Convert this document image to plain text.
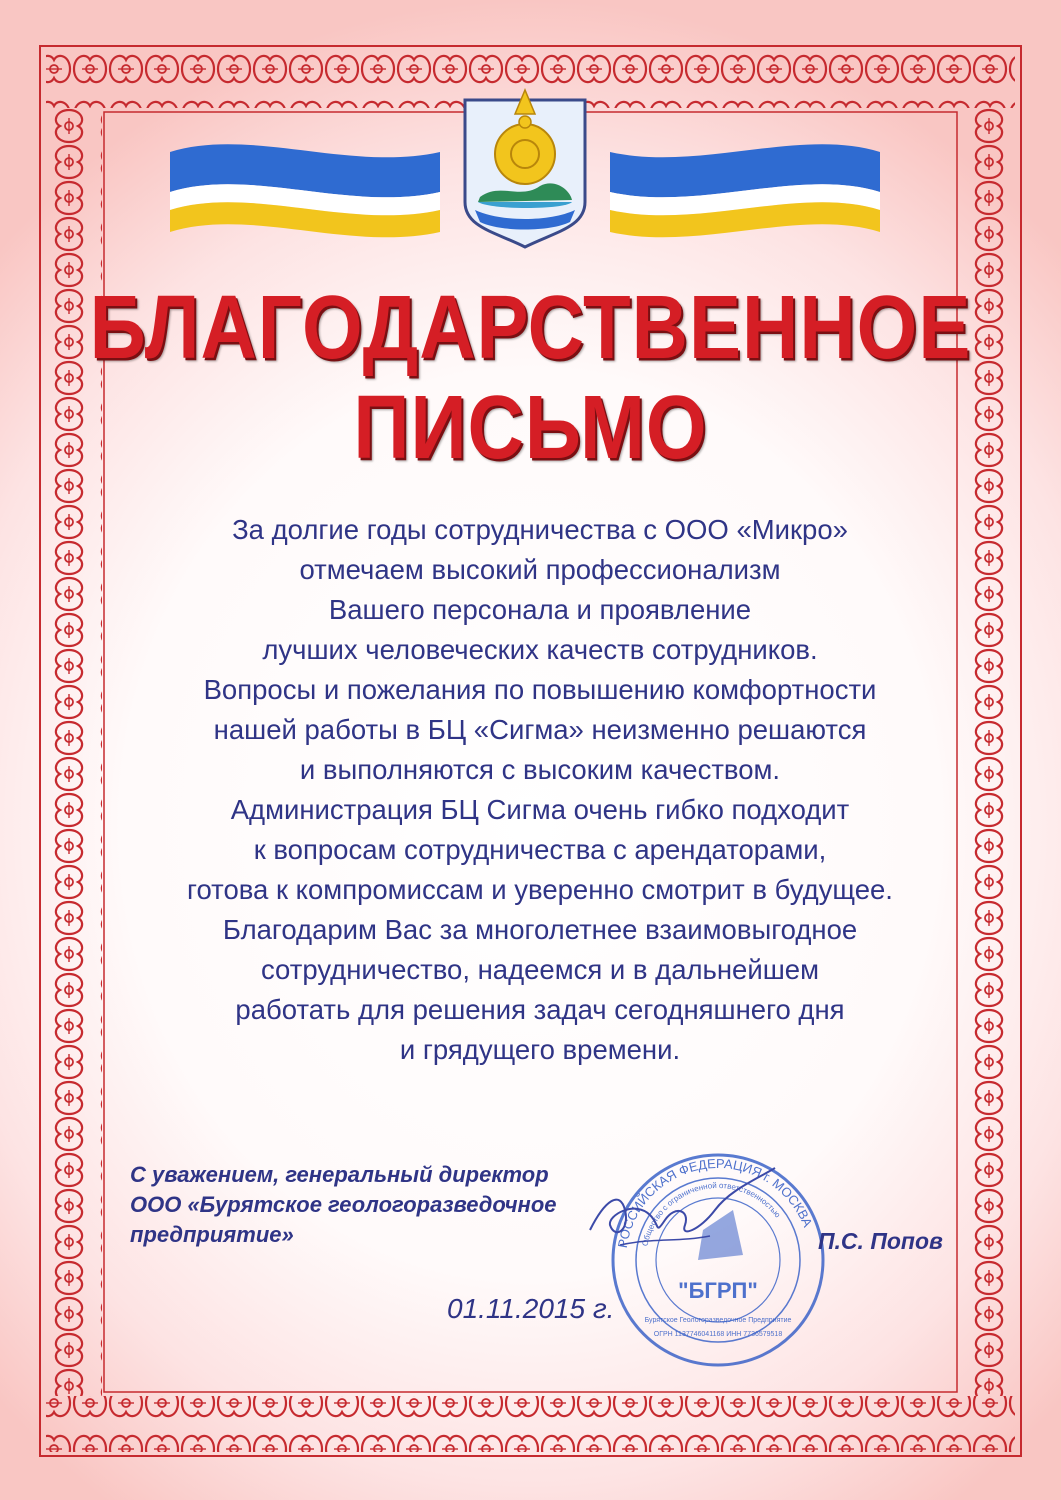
БЛАГОДАРСТВЕННОЕ
ПИСЬМО
За долгие годы сотрудничества с ООО «Микро»
отмечаем высокий профессионализм
Вашего персонала и проявление
лучших человеческих качеств сотрудников.
Вопросы и пожелания по повышению комфортности
нашей работы в БЦ «Сигма» неизменно решаются
и выполняются с высоким качеством.
Администрация БЦ Сигма очень гибко подходит
к вопросам сотрудничества с арендаторами,
готова к компромиссам и уверенно смотрит в будущее.
Благодарим Вас за многолетнее взаимовыгодное
сотрудничество, надеемся и в дальнейшем
работать для решения задач сегодняшнего дня
и грядущего времени.
С уважением, генеральный директор
ООО «Бурятское геологоразведочное
предприятие»	РОССИЙСКАЯ ФЕДЕРАЦИЯ г. МОСКВА
Общество с ограниченной ответственностью
"БГРП"
Бурятское Геологоразведочное Предприятие
ОГРН 1137746041168 ИНН 7736579518
П.С. Попов
01.11.2015 г.
